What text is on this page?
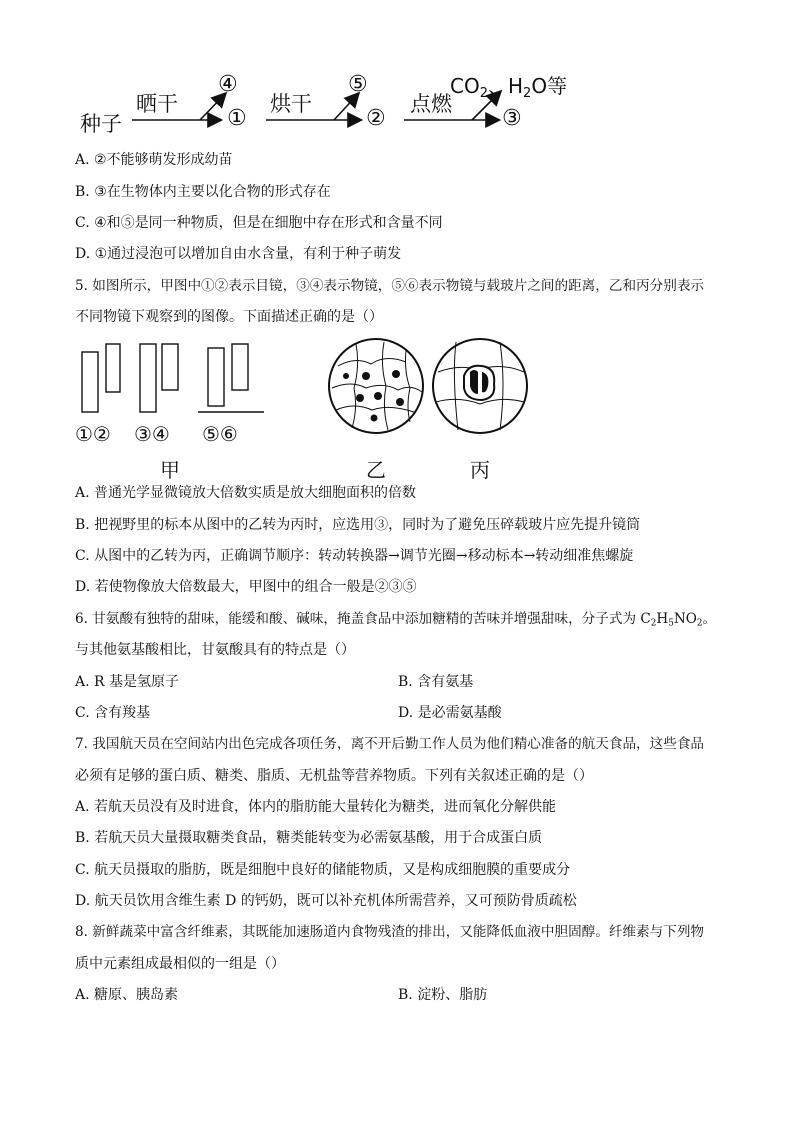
种子
晒干
①
④
烘干
②
⑤
点燃
③
$CO_2$、$H_2O$等
A. ②不能够萌发形成幼苗
B. ③在生物体内主要以化合物的形式存在
C. ④和⑤是同一种物质，但是在细胞中存在形式和含量不同
D. ①通过浸泡可以增加自由水含量，有利于种子萌发
5. 如图所示，甲图中①②表示目镜，③④表示物镜，⑤⑥表示物镜与载玻片之间的距离，乙和丙分别表示
不同物镜下观察到的图像。下面描述正确的是（）
①② ③④ ⑤⑥
甲	乙	丙
A. 普通光学显微镜放大倍数实质是放大细胞面积的倍数
B. 把视野里的标本从图中的乙转为丙时，应选用③，同时为了避免压碎载玻片应先提升镜筒
C. 从图中的乙转为丙，正确调节顺序：转动转换器→调节光圈→移动标本→转动细准焦螺旋
D. 若使物像放大倍数最大，甲图中的组合一般是②③⑤
6. 甘氨酸有独特的甜味，能缓和酸、碱味，掩盖食品中添加糖精的苦味并增强甜味，分子式为 $C_2H_5NO_2$。
与其他氨基酸相比，甘氨酸具有的特点是（）
A. R 基是氢原子	B. 含有氨基
C. 含有羧基	D. 是必需氨基酸
7. 我国航天员在空间站内出色完成各项任务，离不开后勤工作人员为他们精心准备的航天食品，这些食品
必须有足够的蛋白质、糖类、脂质、无机盐等营养物质。下列有关叙述正确的是（）
A. 若航天员没有及时进食，体内的脂肪能大量转化为糖类，进而氧化分解供能
B. 若航天员大量摄取糖类食品，糖类能转变为必需氨基酸，用于合成蛋白质
C. 航天员摄取的脂肪，既是细胞中良好的储能物质，又是构成细胞膜的重要成分
D. 航天员饮用含维生素 D 的钙奶，既可以补充机体所需营养，又可预防骨质疏松
8. 新鲜蔬菜中富含纤维素，其既能加速肠道内食物残渣的排出，又能降低血液中胆固醇。纤维素与下列物
质中元素组成最相似的一组是（）
A. 糖原、胰岛素	B. 淀粉、脂肪
